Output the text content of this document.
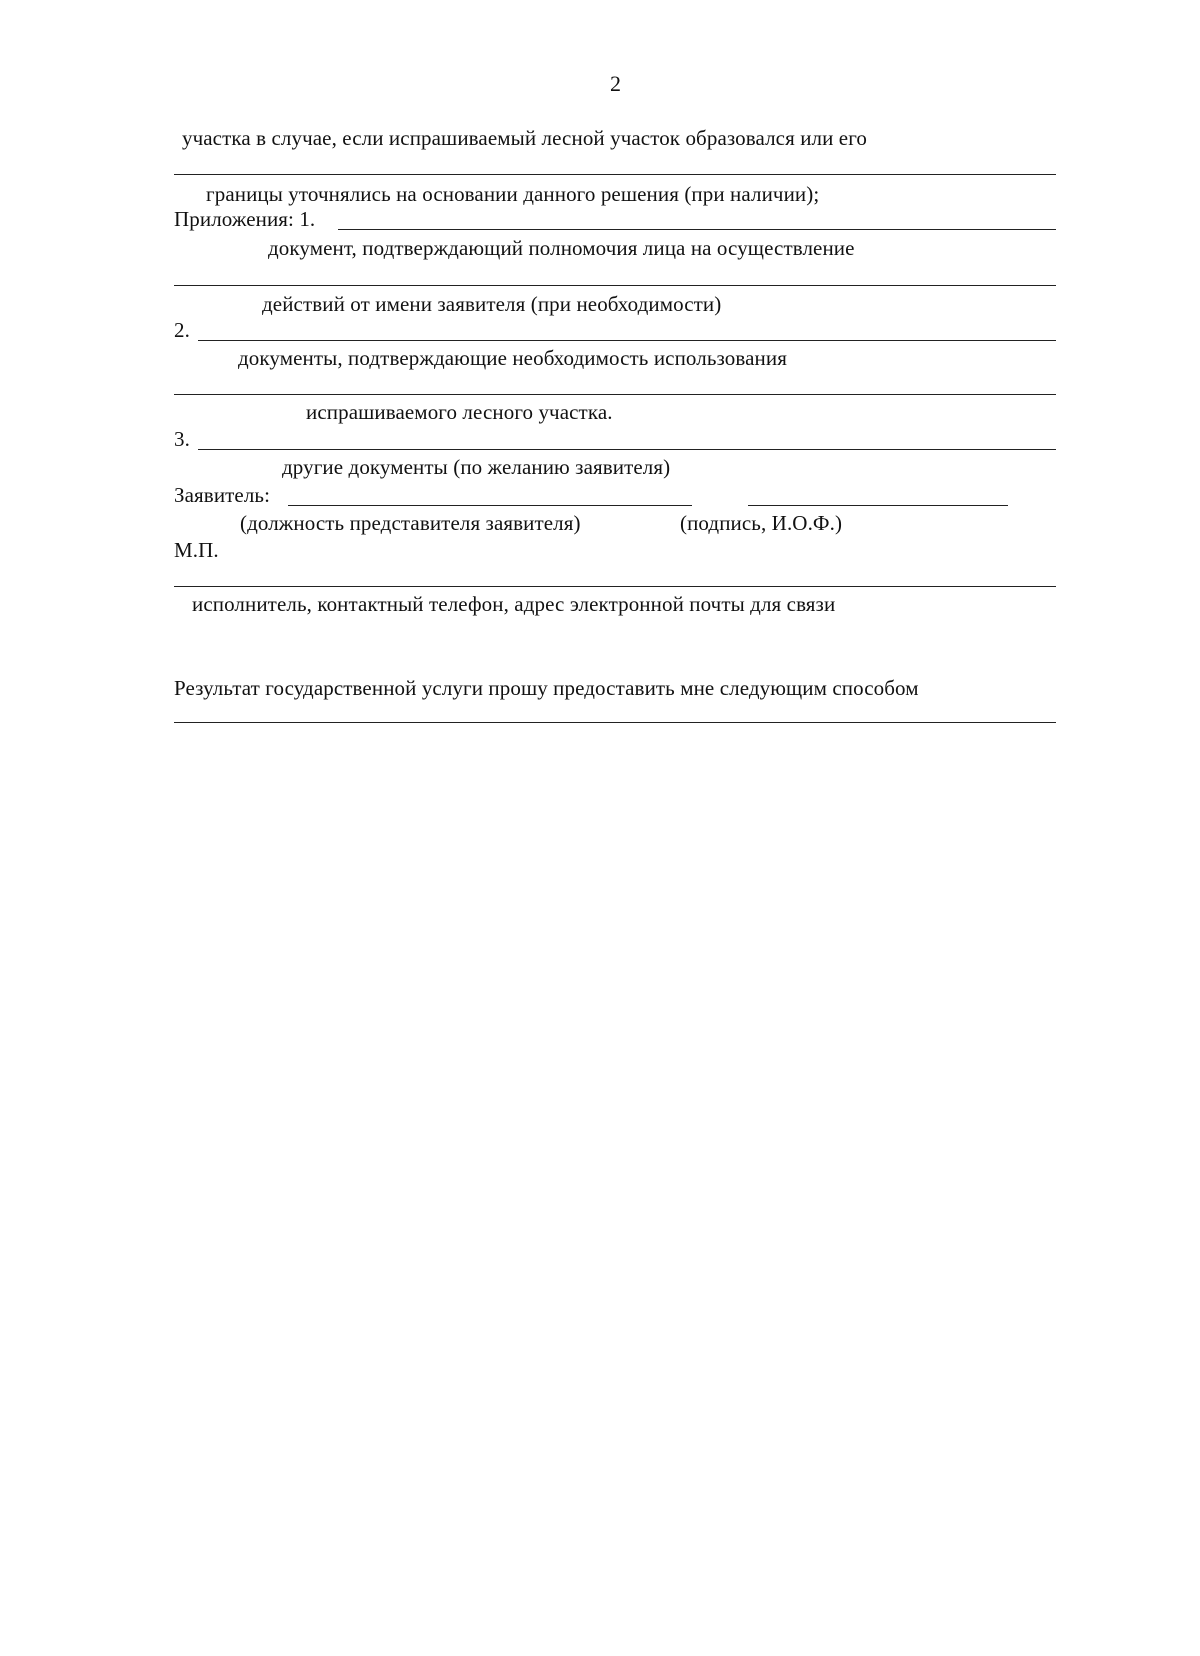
2
участка в случае, если испрашиваемый лесной участок образовался или его
границы уточнялись на основании данного решения (при наличии);
Приложения: 1.
документ, подтверждающий полномочия лица на осуществление
действий от имени заявителя (при необходимости)
2.
документы, подтверждающие необходимость использования
испрашиваемого лесного участка.
3.
другие документы (по желанию заявителя)
Заявитель:
(должность представителя заявителя)	(подпись, И.О.Ф.)
М.П.
исполнитель, контактный телефон, адрес электронной почты для связи
Результат государственной услуги прошу предоставить мне следующим способом
